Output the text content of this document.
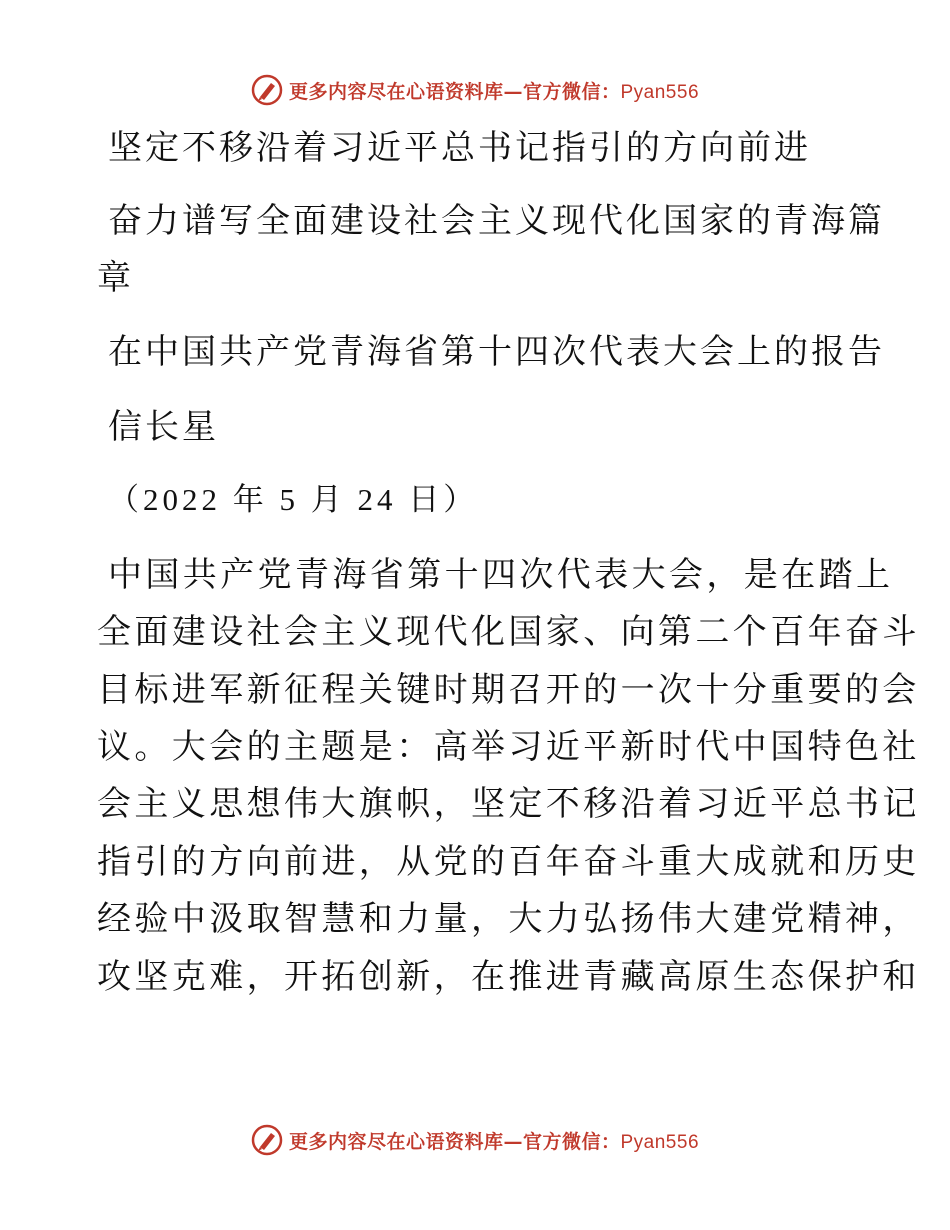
更多内容尽在心语资料库—官方微信：Pyan556
坚定不移沿着习近平总书记指引的方向前进
奋力谱写全面建设社会主义现代化国家的青海篇
章
在中国共产党青海省第十四次代表大会上的报告
信长星
（2022 年 5 月 24 日）
中国共产党青海省第十四次代表大会，是在踏上
全面建设社会主义现代化国家、向第二个百年奋斗
目标进军新征程关键时期召开的一次十分重要的会
议。大会的主题是：高举习近平新时代中国特色社
会主义思想伟大旗帜，坚定不移沿着习近平总书记
指引的方向前进，从党的百年奋斗重大成就和历史
经验中汲取智慧和力量，大力弘扬伟大建党精神，
攻坚克难，开拓创新，在推进青藏高原生态保护和
更多内容尽在心语资料库—官方微信：Pyan556
